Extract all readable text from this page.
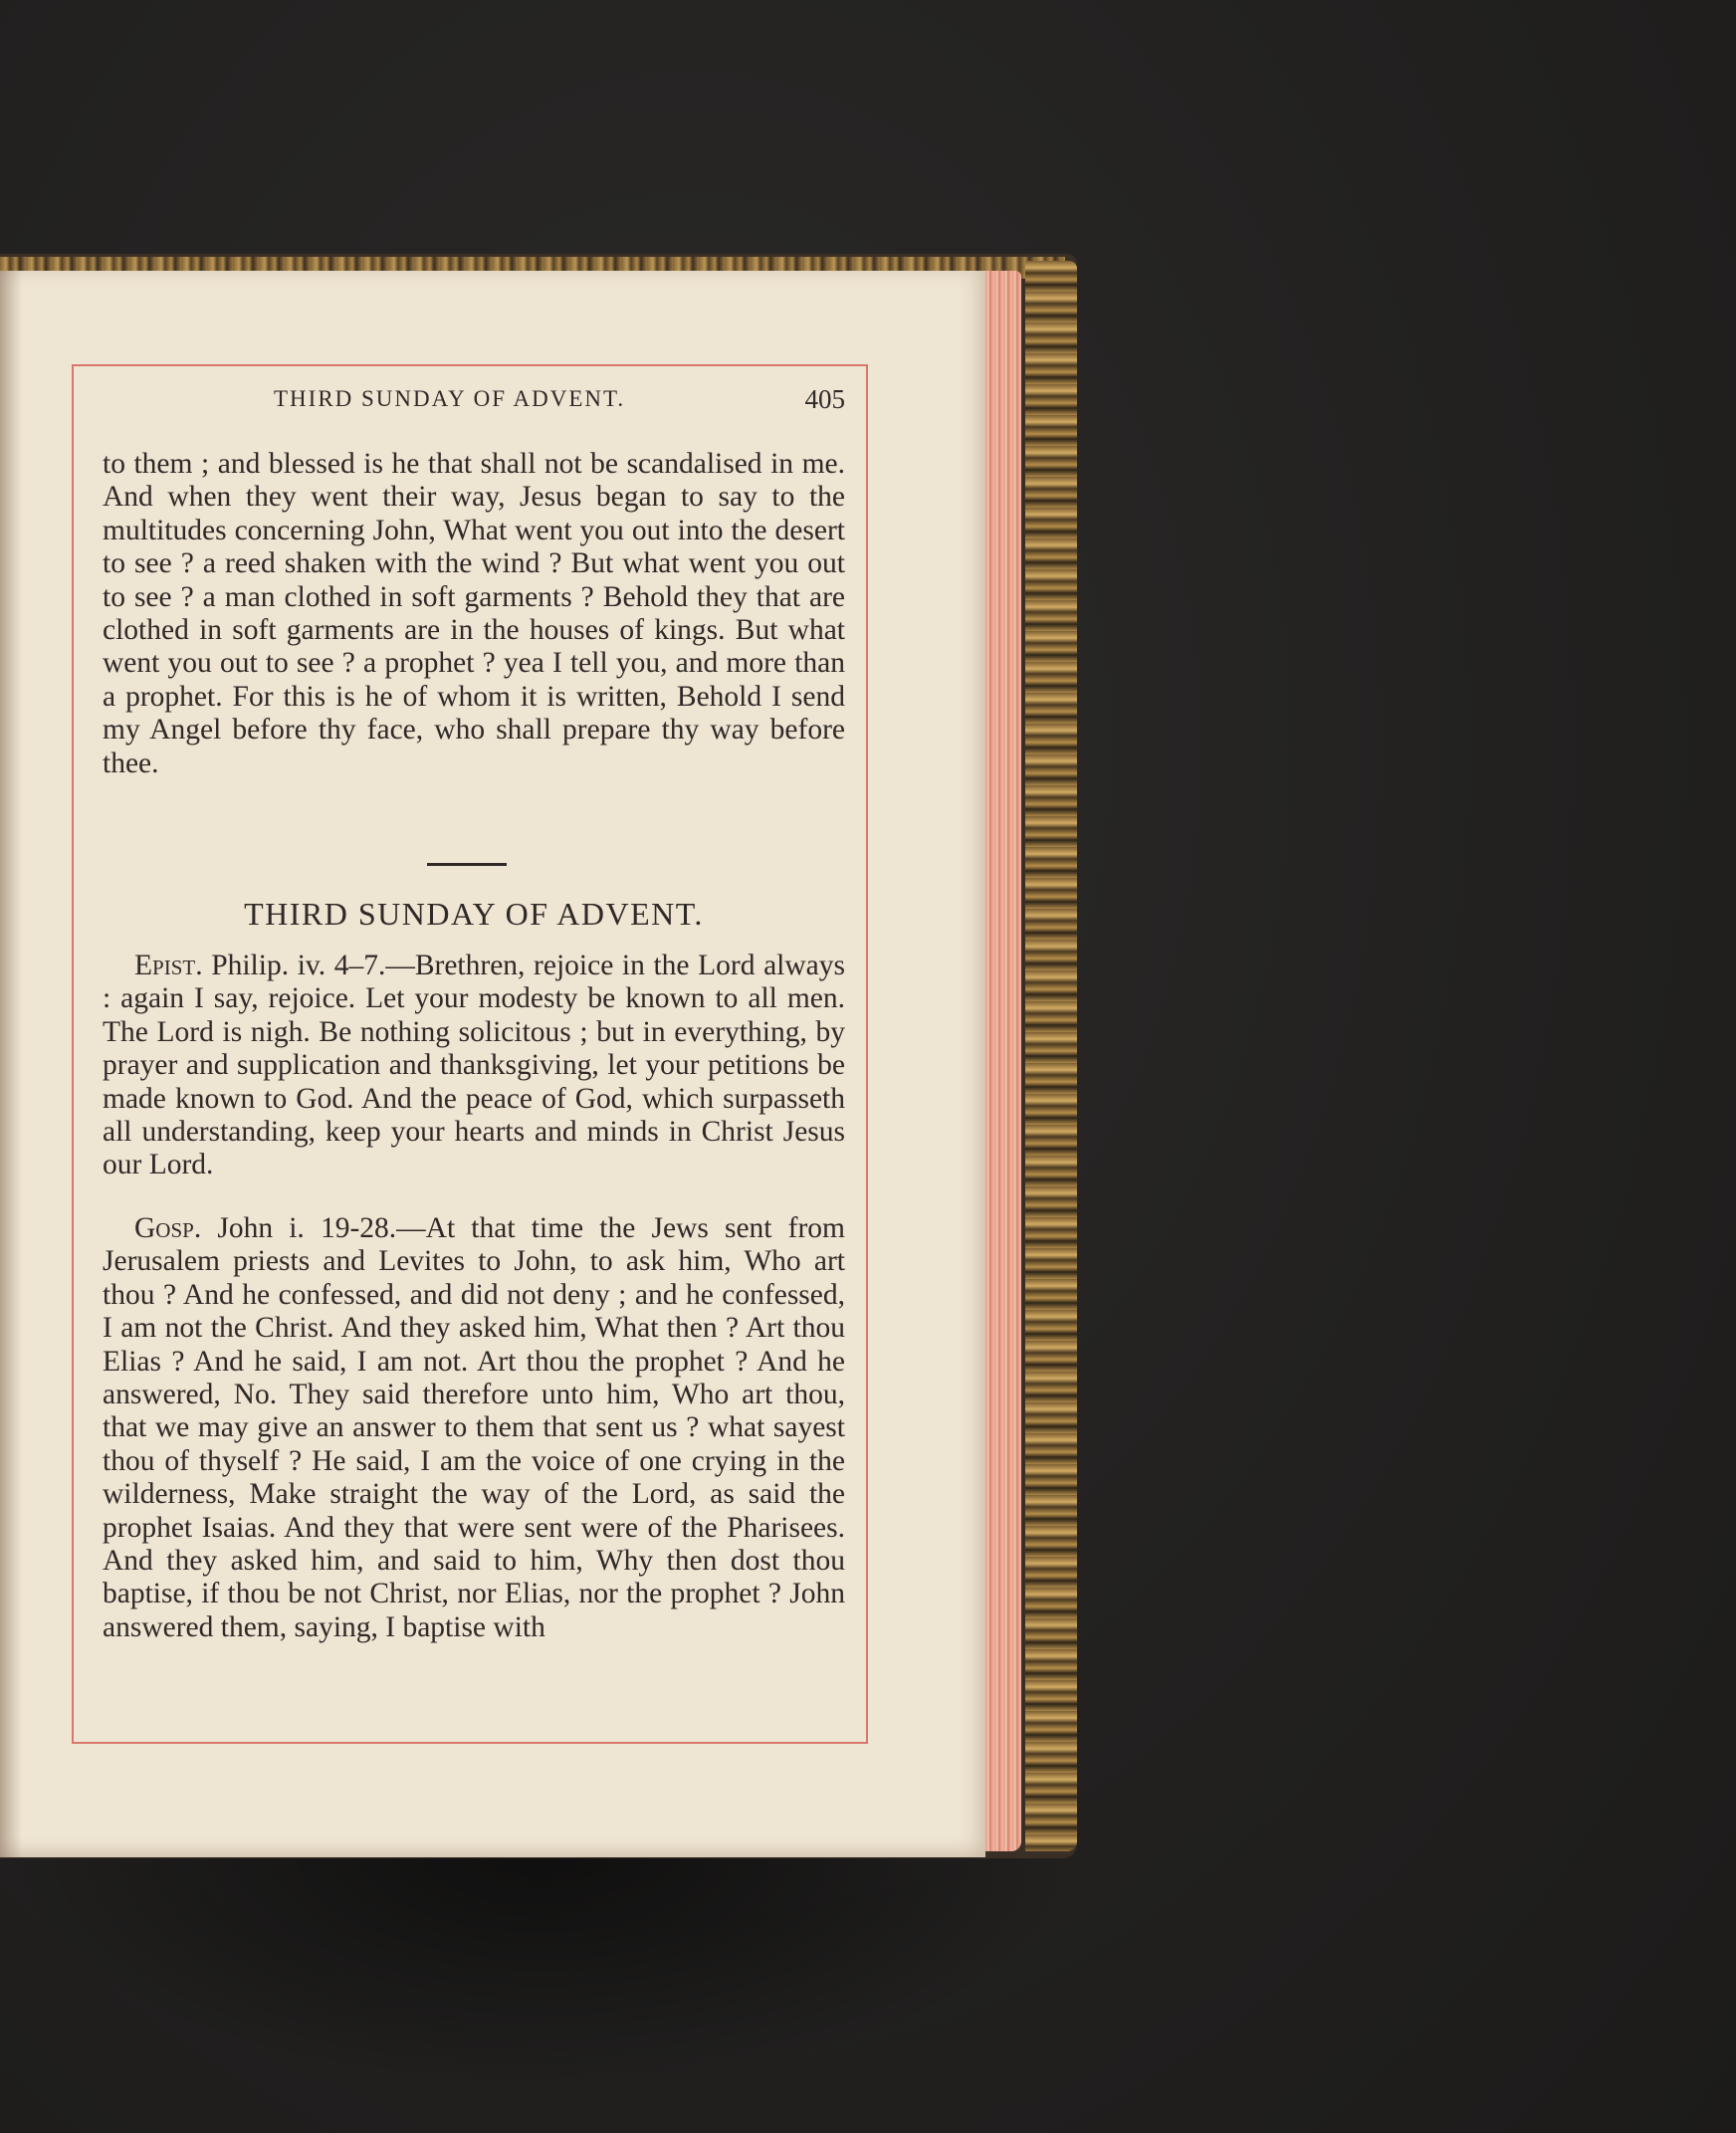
THIRD SUNDAY OF ADVENT.	405
to them ; and blessed is he that shall not be scandalised in me. And when they went their way, Jesus began to say to the multitudes concerning John, What went you out into the desert to see ? a reed shaken with the wind ? But what went you out to see ? a man clothed in soft garments ? Behold they that are clothed in soft garments are in the houses of kings. But what went you out to see ? a prophet ? yea I tell you, and more than a prophet. For this is he of whom it is written, Behold I send my Angel before thy face, who shall prepare thy way before thee.
THIRD SUNDAY OF ADVENT.
Epist. Philip. iv. 4–7.—Brethren, rejoice in the Lord always : again I say, rejoice. Let your modesty be known to all men. The Lord is nigh. Be nothing solicitous ; but in everything, by prayer and supplication and thanksgiving, let your petitions be made known to God. And the peace of God, which surpasseth all understanding, keep your hearts and minds in Christ Jesus our Lord.
Gosp. John i. 19-28.—At that time the Jews sent from Jerusalem priests and Levites to John, to ask him, Who art thou ? And he confessed, and did not deny ; and he confessed, I am not the Christ. And they asked him, What then ? Art thou Elias ? And he said, I am not. Art thou the prophet ? And he answered, No. They said therefore unto him, Who art thou, that we may give an answer to them that sent us ? what sayest thou of thyself ? He said, I am the voice of one crying in the wilderness, Make straight the way of the Lord, as said the prophet Isaias. And they that were sent were of the Pharisees. And they asked him, and said to him, Why then dost thou baptise, if thou be not Christ, nor Elias, nor the prophet ? John answered them, saying, I baptise with
